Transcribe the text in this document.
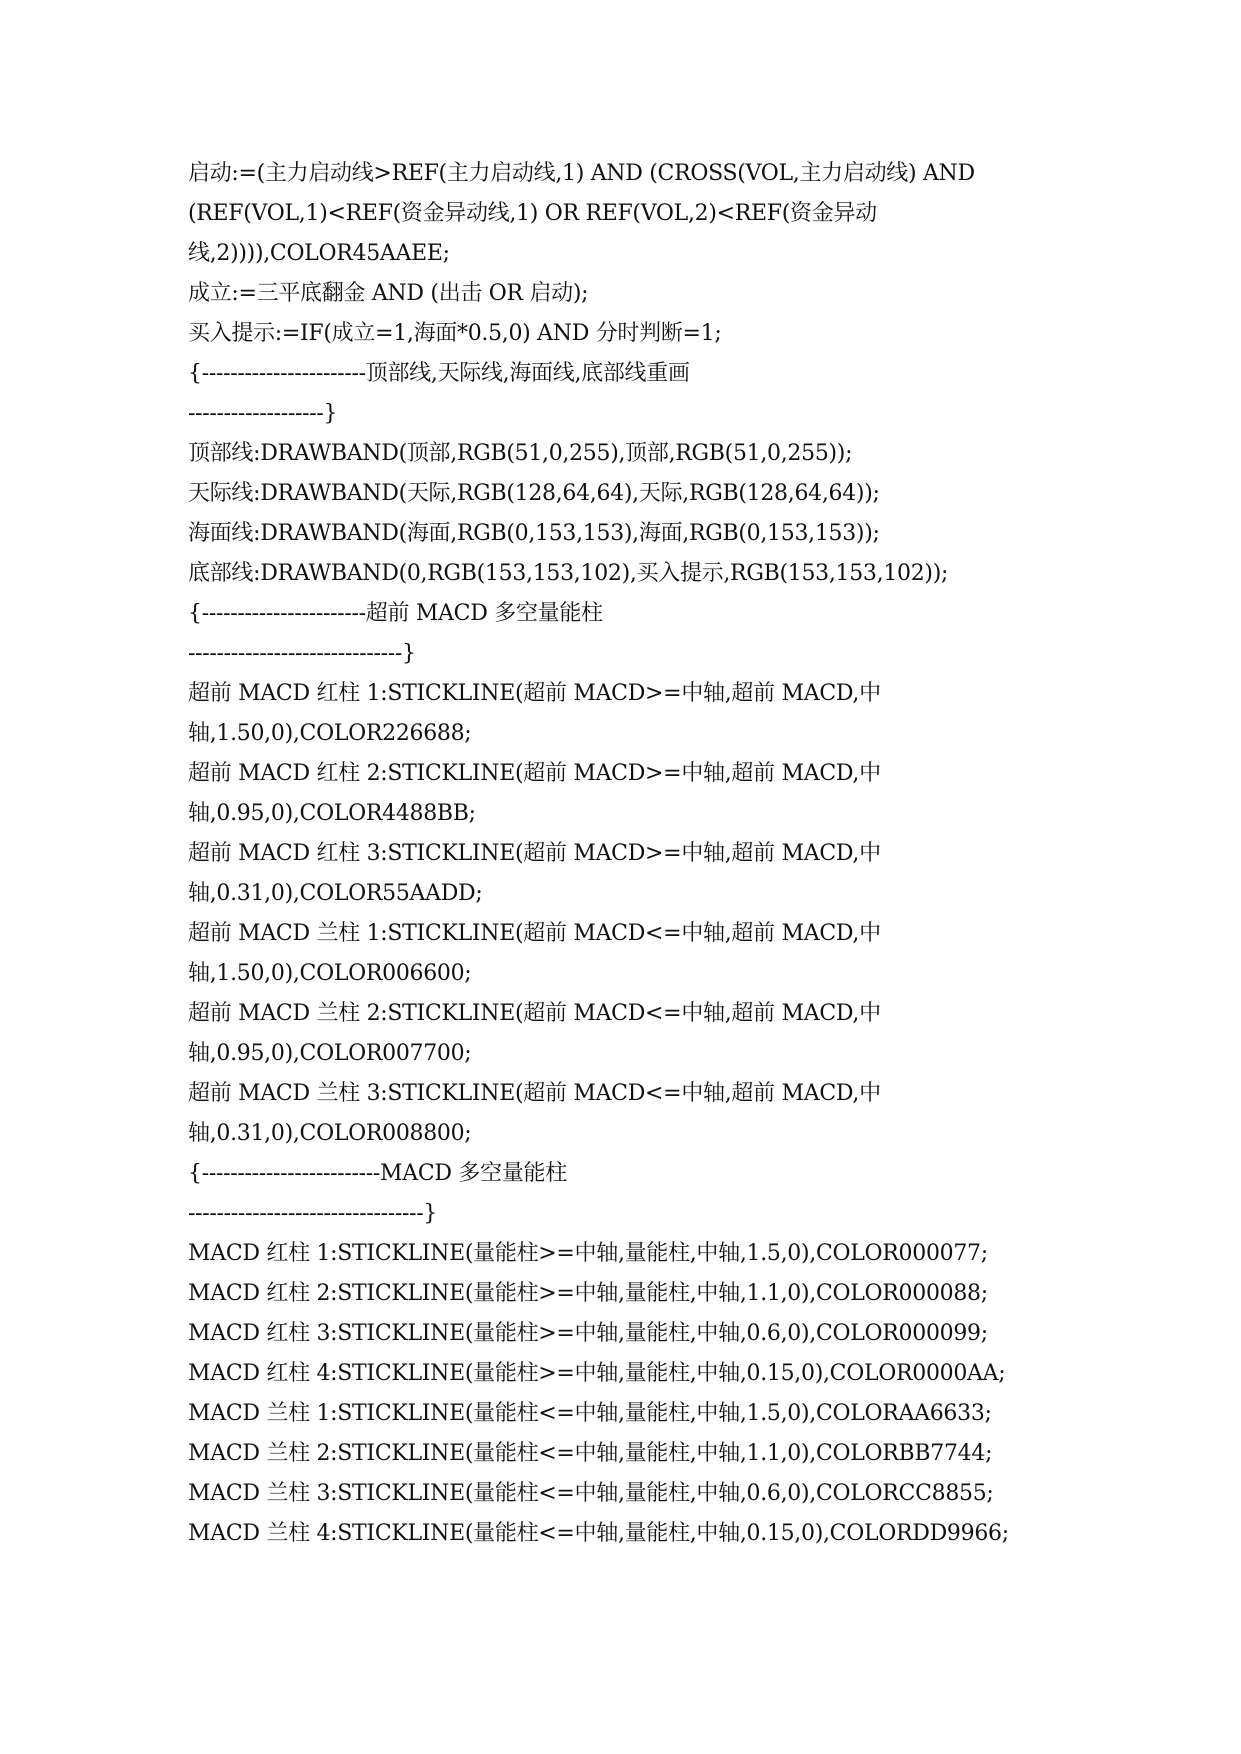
启动:=(主力启动线>REF(主力启动线,1) AND (CROSS(VOL,主力启动线) AND
(REF(VOL,1)<REF(资金异动线,1) OR REF(VOL,2)<REF(资金异动
线,2)))),COLOR45AAEE;
成立:=三平底翻金 AND (出击 OR 启动);
买入提示:=IF(成立=1,海面*0.5,0) AND 分时判断=1;
{-----------------------顶部线,天际线,海面线,底部线重画
-------------------}
顶部线:DRAWBAND(顶部,RGB(51,0,255),顶部,RGB(51,0,255));
天际线:DRAWBAND(天际,RGB(128,64,64),天际,RGB(128,64,64));
海面线:DRAWBAND(海面,RGB(0,153,153),海面,RGB(0,153,153));
底部线:DRAWBAND(0,RGB(153,153,102),买入提示,RGB(153,153,102));
{-----------------------超前 MACD 多空量能柱
------------------------------}
超前 MACD 红柱 1:STICKLINE(超前 MACD>=中轴,超前 MACD,中
轴,1.50,0),COLOR226688;
超前 MACD 红柱 2:STICKLINE(超前 MACD>=中轴,超前 MACD,中
轴,0.95,0),COLOR4488BB;
超前 MACD 红柱 3:STICKLINE(超前 MACD>=中轴,超前 MACD,中
轴,0.31,0),COLOR55AADD;
超前 MACD 兰柱 1:STICKLINE(超前 MACD<=中轴,超前 MACD,中
轴,1.50,0),COLOR006600;
超前 MACD 兰柱 2:STICKLINE(超前 MACD<=中轴,超前 MACD,中
轴,0.95,0),COLOR007700;
超前 MACD 兰柱 3:STICKLINE(超前 MACD<=中轴,超前 MACD,中
轴,0.31,0),COLOR008800;
{-------------------------MACD 多空量能柱
---------------------------------}
MACD 红柱 1:STICKLINE(量能柱>=中轴,量能柱,中轴,1.5,0),COLOR000077;
MACD 红柱 2:STICKLINE(量能柱>=中轴,量能柱,中轴,1.1,0),COLOR000088;
MACD 红柱 3:STICKLINE(量能柱>=中轴,量能柱,中轴,0.6,0),COLOR000099;
MACD 红柱 4:STICKLINE(量能柱>=中轴,量能柱,中轴,0.15,0),COLOR0000AA;
MACD 兰柱 1:STICKLINE(量能柱<=中轴,量能柱,中轴,1.5,0),COLORAA6633;
MACD 兰柱 2:STICKLINE(量能柱<=中轴,量能柱,中轴,1.1,0),COLORBB7744;
MACD 兰柱 3:STICKLINE(量能柱<=中轴,量能柱,中轴,0.6,0),COLORCC8855;
MACD 兰柱 4:STICKLINE(量能柱<=中轴,量能柱,中轴,0.15,0),COLORDD9966;
